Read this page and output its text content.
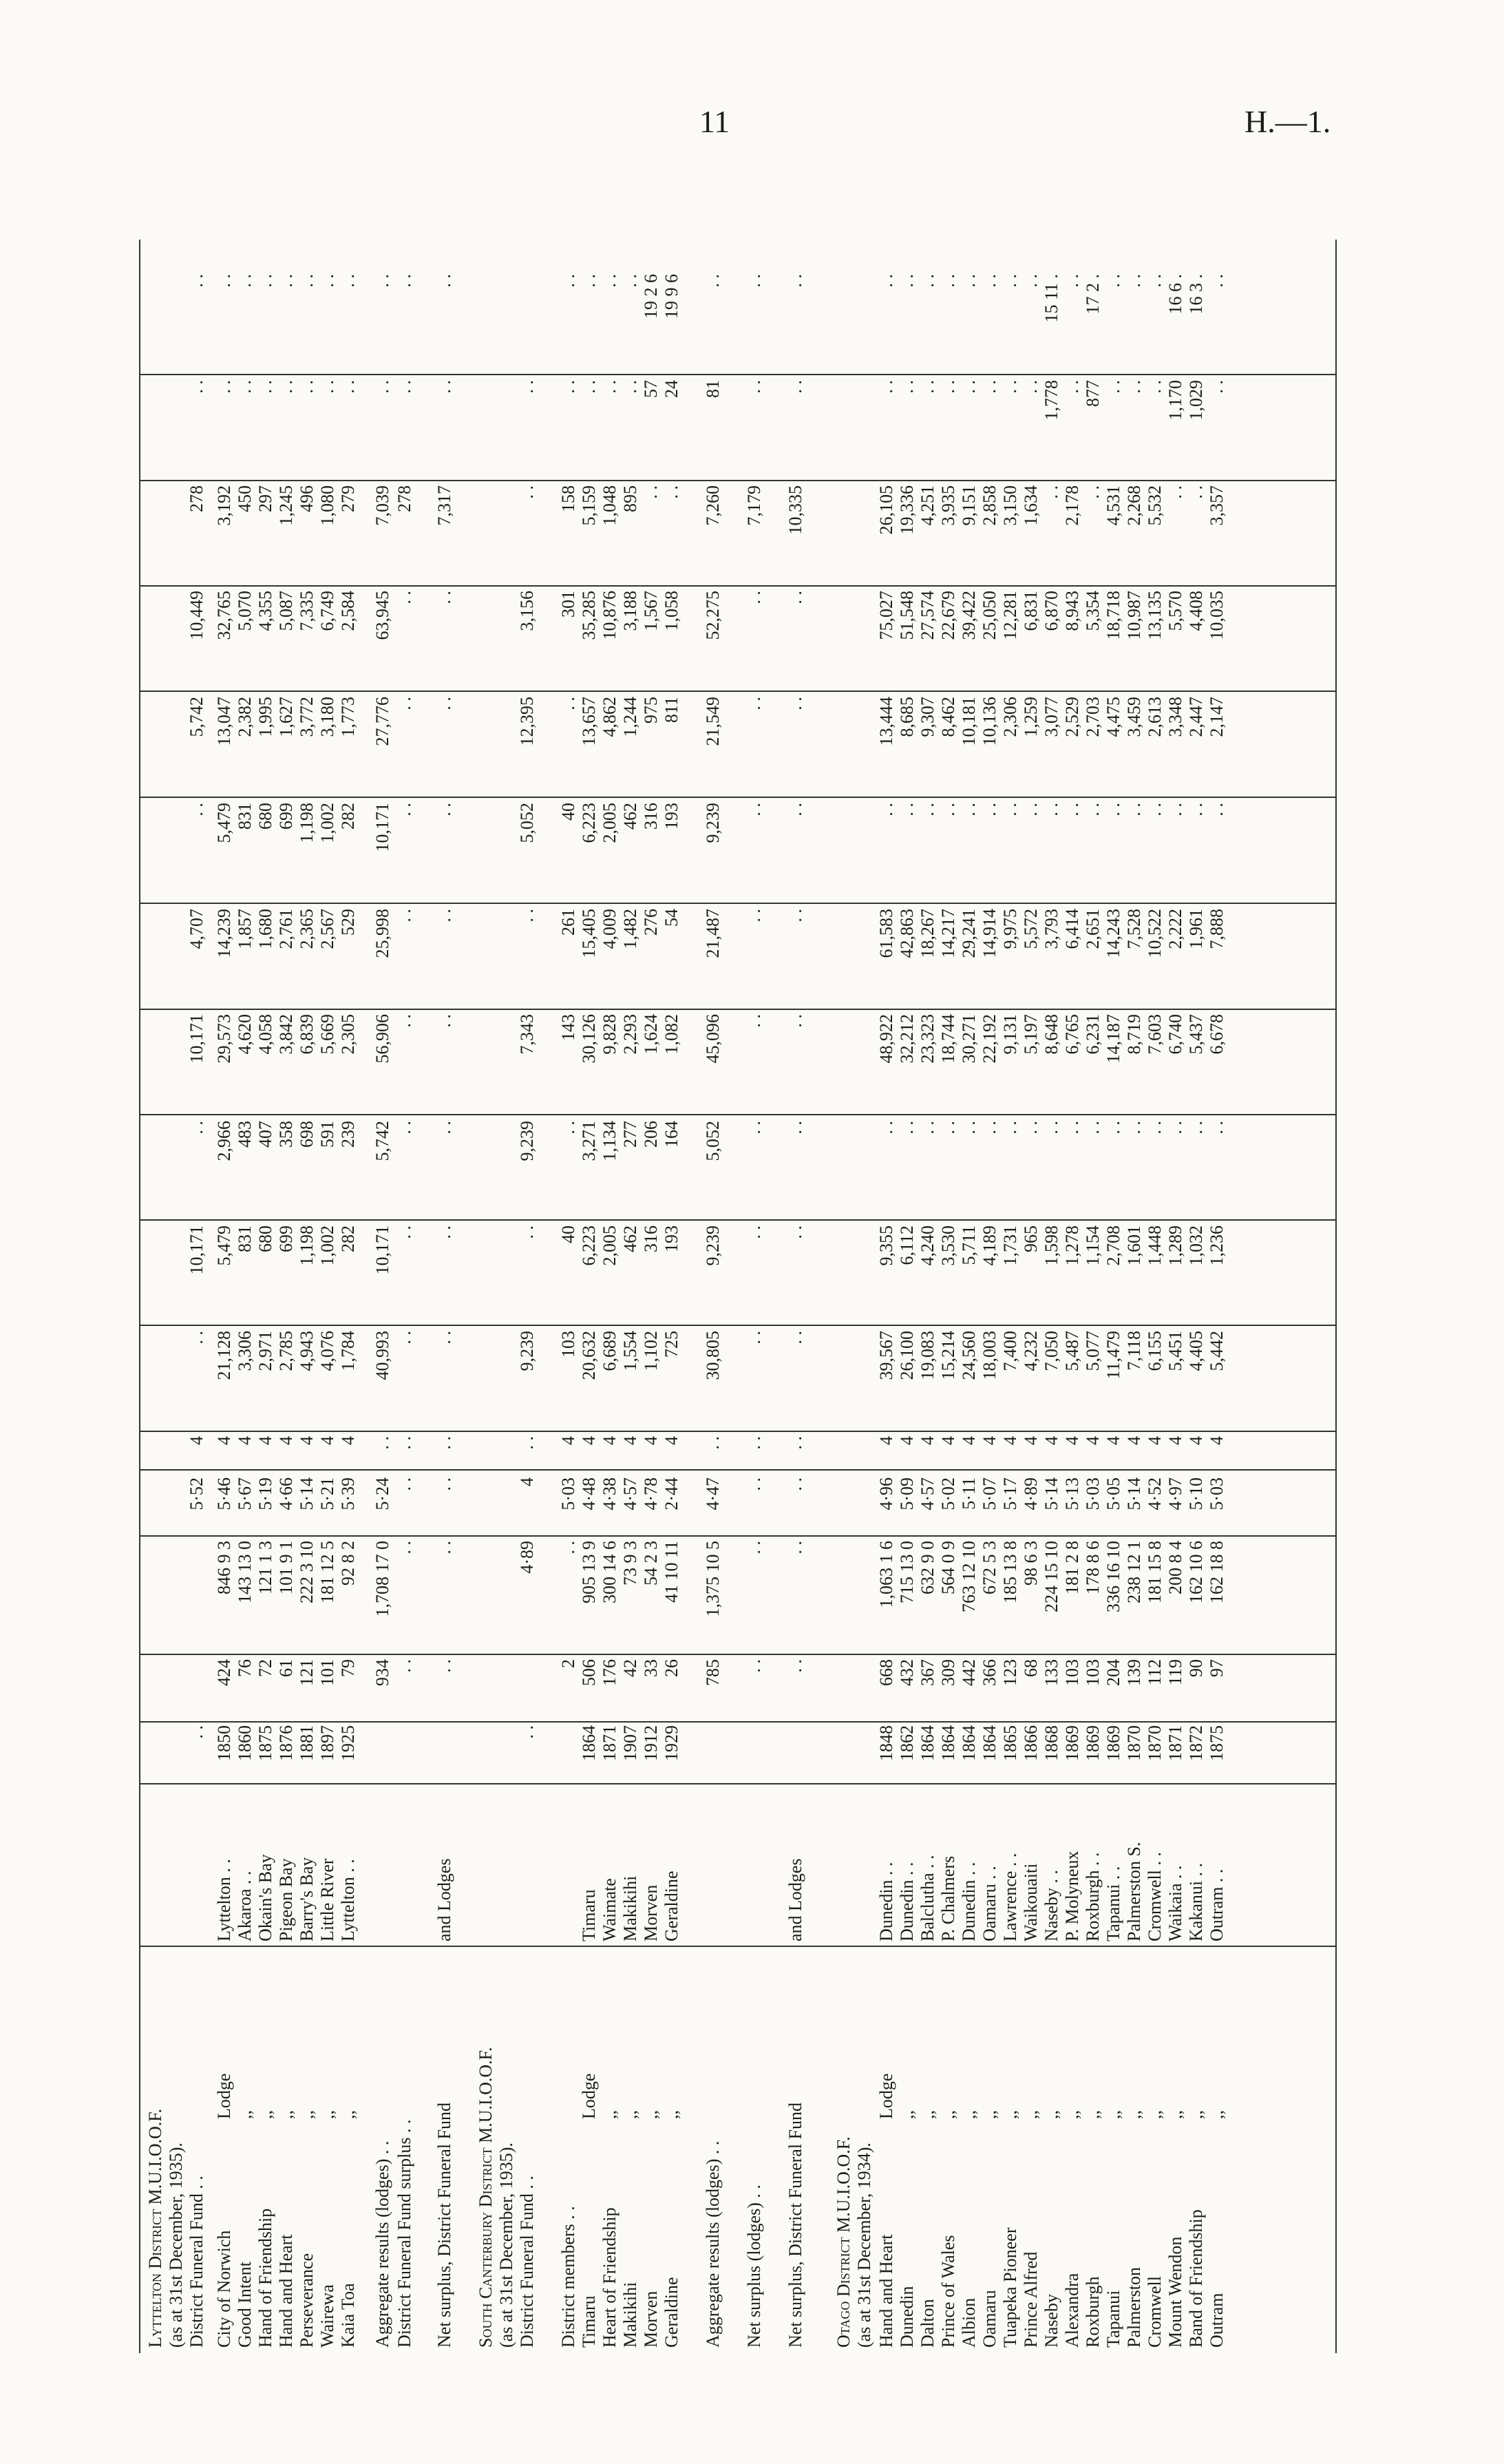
11	H.—1.
Lyttelton District M.U.I.O.O.F. (as at 31st December, 1935). District Funeral Fund . .
. .
5·52
4
. .
10,171
. .
10,171
4,707
. .
5,742
10,449
278
. .
. .
City of Norwich
Lodge
Lyttelton . .
1850
424
846 9 3
5·46
4
21,128
5,479
2,966
29,573
14,239
5,479
13,047
32,765
3,192
. .
. .
Good Intent
,,
Akaroa . .
1860
76
143 13 0
5·67
4
3,306
831
483
4,620
1,857
831
2,382
5,070
450
. .
. .
Hand of Friendship
,,
Okain's Bay
1875
72
121 1 3
5·19
4
2,971
680
407
4,058
1,680
680
1,995
4,355
297
. .
. .
Hand and Heart
,,
Pigeon Bay
1876
61
101 9 1
4·66
4
2,785
699
358
3,842
2,761
699
1,627
5,087
1,245
. .
. .
Perseverance
,,
Barry's Bay
1881
121
222 3 10
5·14
4
4,943
1,198
698
6,839
2,365
1,198
3,772
7,335
496
. .
. .
Wairewa
,,
Little River
1897
101
181 12 5
5·21
4
4,076
1,002
591
5,669
2,567
1,002
3,180
6,749
1,080
. .
. .
Kaia Toa
,,
Lyttelton . .
1925
79
92 8 2
5·39
4
1,784
282
239
2,305
529
282
1,773
2,584
279
. .
. .
Aggregate results (lodges) . .
934
1,708 17 0
5·24
. .
40,993
10,171
5,742
56,906
25,998
10,171
27,776
63,945
7,039
. .
. .
District Funeral Fund surplus . .
. .
. .
. .
. .
. .
. .
. .
. .
. .
. .
. .
. .
278
. .
. .
Net surplus, District Funeral Fund
and Lodges
. .
. .
. .
. .
. .
. .
. .
. .
. .
. .
. .
. .
7,317
. .
. .
South Canterbury District M.U.I.O.O.F. (as at 31st December, 1935). District Funeral Fund . .
. .
4·89
4
. .
9,239
. .
9,239
7,343
. .
5,052
12,395
3,156
. .
. .
District members . .
2
. .
5·03
4
103
40
. .
143
261
40
. .
301
158
. .
. .
Timaru
Lodge
Timaru
1864
506
905 13 9
4·48
4
20,632
6,223
3,271
30,126
15,405
6,223
13,657
35,285
5,159
. .
. .
Heart of Friendship
,,
Waimate
1871
176
300 14 6
4·38
4
6,689
2,005
1,134
9,828
4,009
2,005
4,862
10,876
1,048
. .
. .
Makikihi
,,
Makikihi
1907
42
73 9 3
4·57
4
1,554
462
277
2,293
1,482
462
1,244
3,188
895
. .
. .
Morven
,,
Morven
1912
33
54 2 3
4·78
4
1,102
316
206
1,624
276
316
975
1,567
. .
57
19 2 6
Geraldine
,,
Geraldine
1929
26
41 10 11
2·44
4
725
193
164
1,082
54
193
811
1,058
. .
24
19 9 6
Aggregate results (lodges) . .
785
1,375 10 5
4·47
. .
30,805
9,239
5,052
45,096
21,487
9,239
21,549
52,275
7,260
81
. .
Net surplus (lodges) . .
. .
. .
. .
. .
. .
. .
. .
. .
. .
. .
. .
. .
7,179
. .
. .
Net surplus, District Funeral Fund
and Lodges
. .
. .
. .
. .
. .
. .
. .
. .
. .
. .
. .
. .
10,335
. .
. .
Otago District M.U.I.O.O.F. (as at 31st December, 1934). Hand and Heart
Lodge
Dunedin . .
1848
668
1,063 1 6
4·96
4
39,567
9,355
. .
48,922
61,583
. .
13,444
75,027
26,105
. .
. .
Dunedin
,,
Dunedin . .
1862
432
715 13 0
5·09
4
26,100
6,112
. .
32,212
42,863
. .
8,685
51,548
19,336
. .
. .
Dalton
,,
Balclutha . .
1864
367
632 9 0
4·57
4
19,083
4,240
. .
23,323
18,267
. .
9,307
27,574
4,251
. .
. .
Prince of Wales
,,
P. Chalmers
1864
309
564 0 9
5·02
4
15,214
3,530
. .
18,744
14,217
. .
8,462
22,679
3,935
. .
. .
Albion
,,
Dunedin . .
1864
442
763 12 10
5·11
4
24,560
5,711
. .
30,271
29,241
. .
10,181
39,422
9,151
. .
. .
Oamaru
,,
Oamaru . .
1864
366
672 5 3
5·07
4
18,003
4,189
. .
22,192
14,914
. .
10,136
25,050
2,858
. .
. .
Tuapeka Pioneer
,,
Lawrence . .
1865
123
185 13 8
5·17
4
7,400
1,731
. .
9,131
9,975
. .
2,306
12,281
3,150
. .
. .
Prince Alfred
,,
Waikouaiti
1866
68
98 6 3
4·89
4
4,232
965
. .
5,197
5,572
. .
1,259
6,831
1,634
. .
. .
Naseby
,,
Naseby . .
1868
133
224 15 10
5·14
4
7,050
1,598
. .
8,648
3,793
. .
3,077
6,870
. .
1,778
15 11 .
Alexandra
,,
P. Molyneux
1869
103
181 2 8
5·13
4
5,487
1,278
. .
6,765
6,414
. .
2,529
8,943
2,178
. .
. .
Roxburgh
,,
Roxburgh . .
1869
103
178 8 6
5·03
4
5,077
1,154
. .
6,231
2,651
. .
2,703
5,354
. .
877
17 2 .
Tapanui
,,
Tapanui . .
1869
204
336 16 10
5·05
4
11,479
2,708
. .
14,187
14,243
. .
4,475
18,718
4,531
. .
. .
Palmerston
,,
Palmerston S.
1870
139
238 12 1
5·14
4
7,118
1,601
. .
8,719
7,528
. .
3,459
10,987
2,268
. .
. .
Cromwell
,,
Cromwell . .
1870
112
181 15 8
4·52
4
6,155
1,448
. .
7,603
10,522
. .
2,613
13,135
5,532
. .
. .
Mount Wendon
,,
Waikaia . .
1871
119
200 8 4
4·97
4
5,451
1,289
. .
6,740
2,222
. .
3,348
5,570
. .
1,170
16 6 .
Band of Friendship
,,
Kakanui . .
1872
90
162 10 6
5·10
4
4,405
1,032
. .
5,437
1,961
. .
2,447
4,408
. .
1,029
16 3 .
Outram
,,
Outram . .
1875
97
162 18 8
5·03
4
5,442
1,236
. .
6,678
7,888
. .
2,147
10,035
3,357
. .
. .
